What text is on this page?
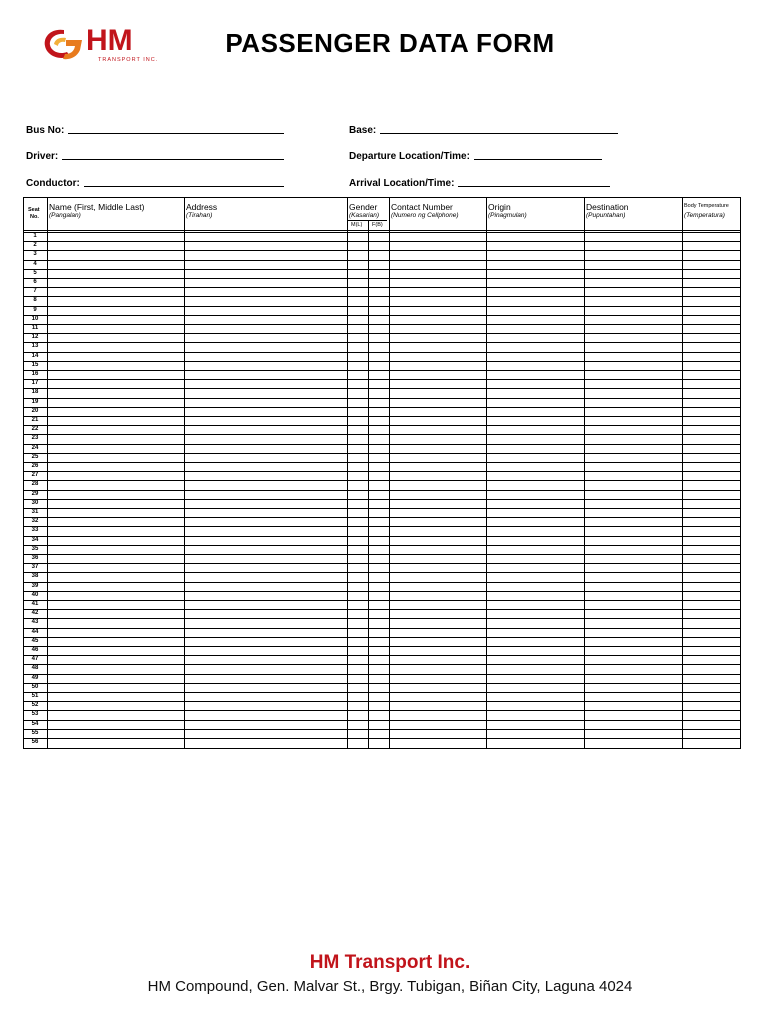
HM
TRANSPORT INC.
PASSENGER DATA FORM
Bus No:
Driver:
Conductor:
Base:
Departure Location/Time:
Arrival Location/Time:
Seat
No.
Name (First, Middle Last)
(Pangalan)
Address
(Tirahan)
Gender
(Kasarian)
M(L) F(B)
Contact Number
(Numero ng Cellphone)
Origin
(Pinagmulan)
Destination
(Pupuntahan)
Body Temperature
(Temperatura)
1
2
3
4
5
6
7
8
9
10
11
12
13
14
15
16
17
18
19
20
21
22
23
24
25
26
27
28
29
30
31
32
33
34
35
36
37
38
39
40
41
42
43
44
45
46
47
48
49
50
51
52
53
54
55
56
HM Transport Inc.
HM Compound, Gen. Malvar St., Brgy. Tubigan, Biñan City, Laguna 4024
